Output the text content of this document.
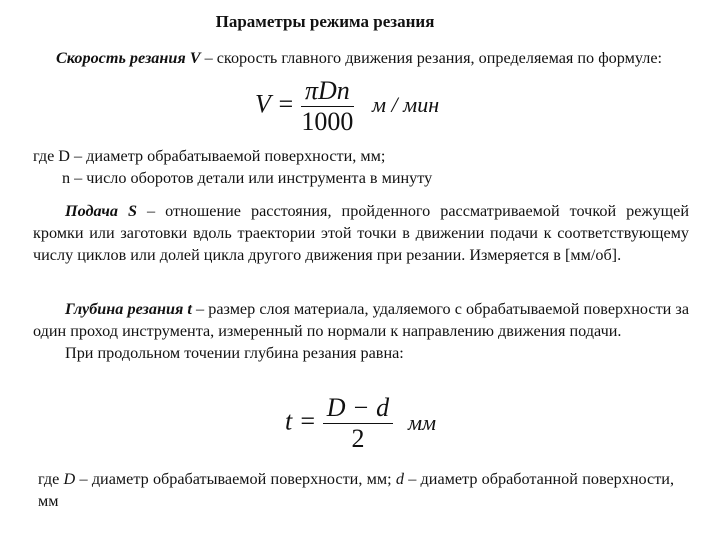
Параметры режима резания

Скорость резания V – скорость главного движения резания, определяемая по формуле:

$V = \frac{\text{πDn}}{1000}$ м / мин
где D – диаметр обрабатываемой поверхности, мм;
n – число оборотов детали или инструмента в минуту

Подача S – отношение расстояния, пройденного рассматриваемой точкой режущей кромки или заготовки вдоль траектории этой точки в движении подачи к соответствующему числу циклов или долей цикла другого движения при резании. Измеряется в [мм/об].

Глубина резания t – размер слоя материала, удаляемого с обрабатываемой поверхности за один проход инструмента, измеренный по нормали к направлению движения подачи.

При продольном точении глубина резания равна:

$t = \frac{D - d}{2}$ мм
где D – диаметр обрабатываемой поверхности, мм; d – диаметр обработанной поверхности, мм
